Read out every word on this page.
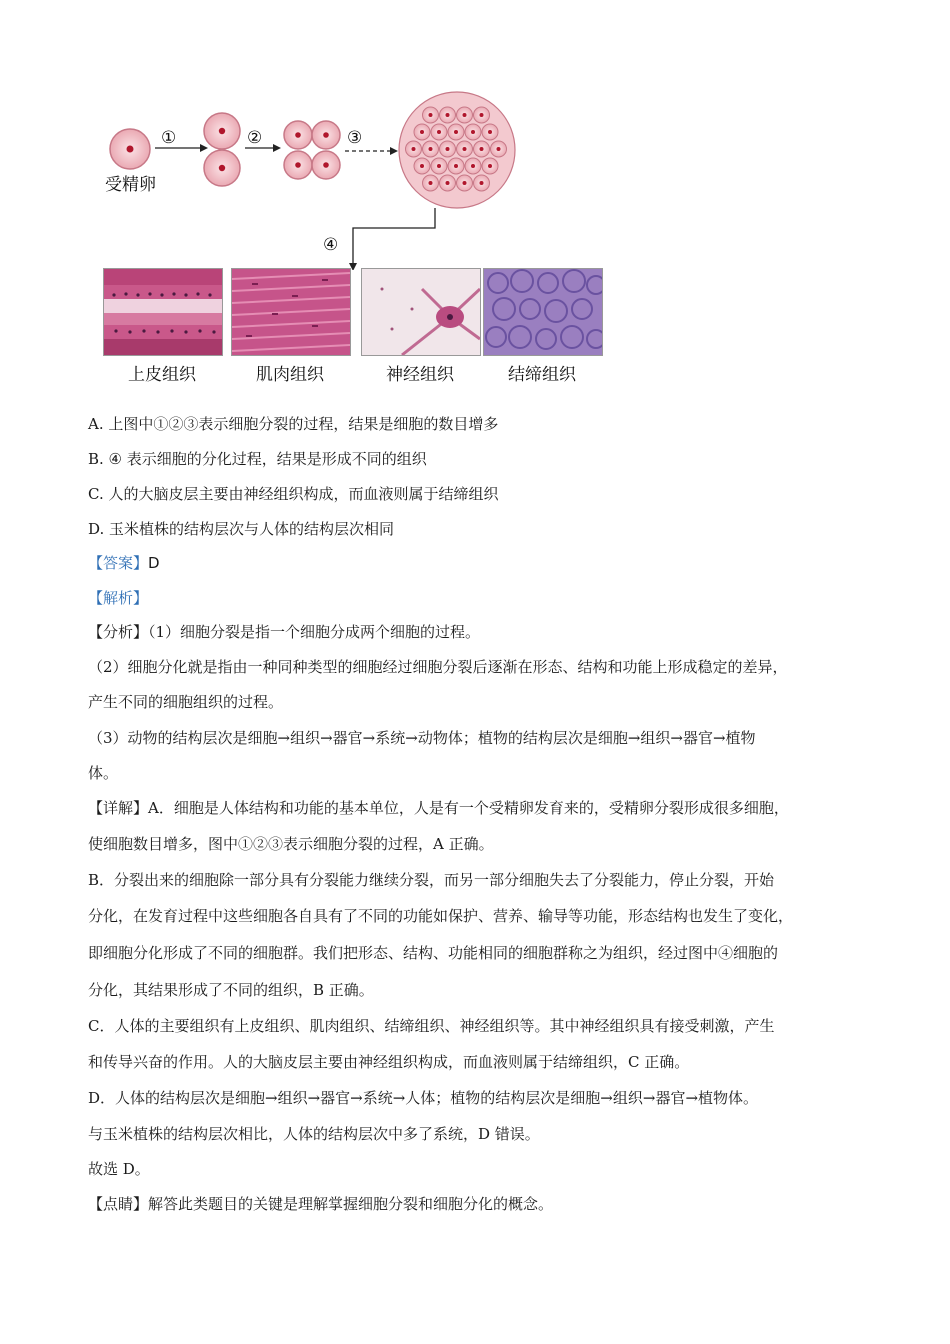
受精卵
①	②	③
④
上皮组织	肌肉组织	神经组织	结缔组织
A. 上图中①②③表示细胞分裂的过程，结果是细胞的数目增多
B. ④ 表示细胞的分化过程，结果是形成不同的组织
C. 人的大脑皮层主要由神经组织构成，而血液则属于结缔组织
D. 玉米植株的结构层次与人体的结构层次相同
【答案】D
【解析】
【分析】（1）细胞分裂是指一个细胞分成两个细胞的过程。
（2）细胞分化就是指由一种同种类型的细胞经过细胞分裂后逐渐在形态、结构和功能上形成稳定的差异，
产生不同的细胞组织的过程。
（3）动物的结构层次是细胞→组织→器官→系统→动物体；植物的结构层次是细胞→组织→器官→植物
体。
【详解】A．细胞是人体结构和功能的基本单位，人是有一个受精卵发育来的，受精卵分裂形成很多细胞，
使细胞数目增多，图中①②③表示细胞分裂的过程，A 正确。
B．分裂出来的细胞除一部分具有分裂能力继续分裂，而另一部分细胞失去了分裂能力，停止分裂，开始
分化，在发育过程中这些细胞各自具有了不同的功能如保护、营养、输导等功能，形态结构也发生了变化，
即细胞分化形成了不同的细胞群。我们把形态、结构、功能相同的细胞群称之为组织，经过图中④细胞的
分化，其结果形成了不同的组织，B 正确。
C．人体的主要组织有上皮组织、肌肉组织、结缔组织、神经组织等。其中神经组织具有接受刺激，产生
和传导兴奋的作用。人的大脑皮层主要由神经组织构成，而血液则属于结缔组织，C 正确。
D．人体的结构层次是细胞→组织→器官→系统→人体；植物的结构层次是细胞→组织→器官→植物体。
与玉米植株的结构层次相比，人体的结构层次中多了系统，D 错误。
故选 D。
【点睛】解答此类题目的关键是理解掌握细胞分裂和细胞分化的概念。
